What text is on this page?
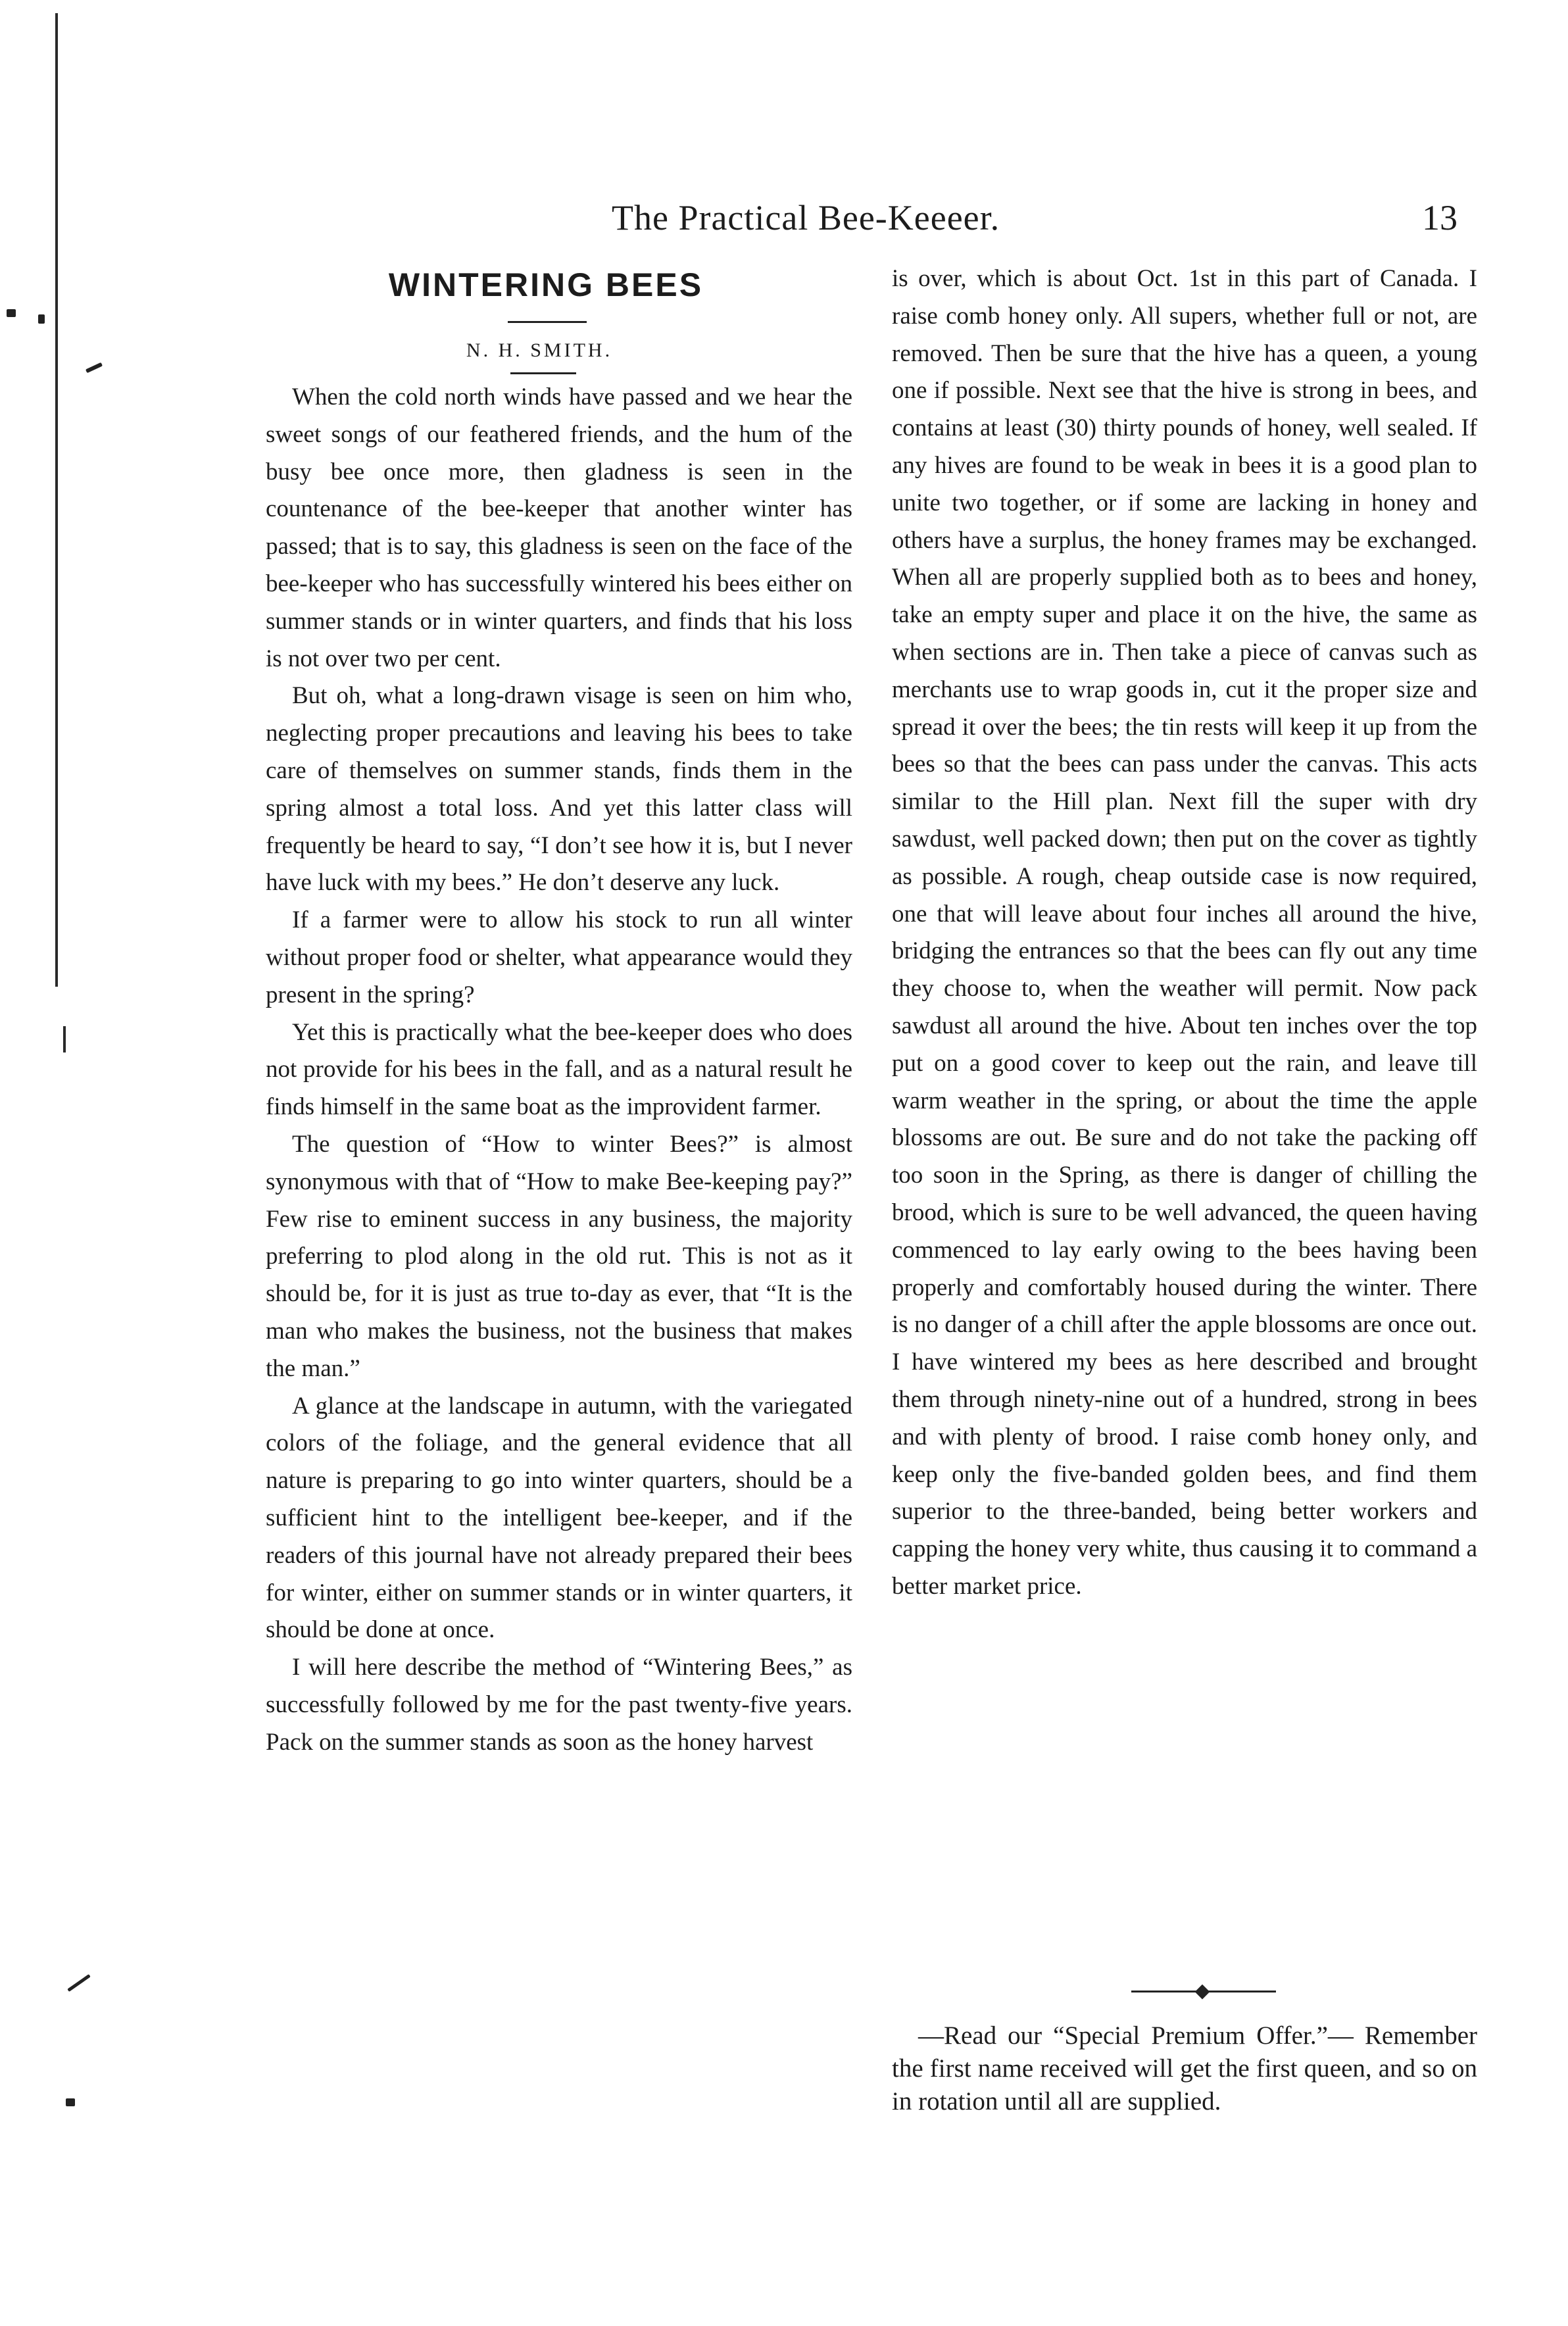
The Practical Bee-Keeeer.	13
WINTERING BEES
N. H. SMITH.

When the cold north winds have passed and we hear the sweet songs of our feathered friends, and the hum of the busy bee once more, then gladness is seen in the countenance of the bee-keeper that another winter has passed; that is to say, this gladness is seen on the face of the bee-keeper who has successfully wintered his bees either on summer stands or in winter quarters, and finds that his loss is not over two per cent.

But oh, what a long-drawn visage is seen on him who, neglecting proper precautions and leaving his bees to take care of themselves on summer stands, finds them in the spring almost a total loss. And yet this latter class will frequently be heard to say, “I don’t see how it is, but I never have luck with my bees.” He don’t deserve any luck.

If a farmer were to allow his stock to run all winter without proper food or shelter, what appearance would they present in the spring?

Yet this is practically what the bee-keeper does who does not provide for his bees in the fall, and as a natural result he finds himself in the same boat as the improvident farmer.

The question of “How to winter Bees?” is almost synonymous with that of “How to make Bee-keeping pay?” Few rise to eminent success in any business, the majority preferring to plod along in the old rut. This is not as it should be, for it is just as true to-day as ever, that “It is the man who makes the business, not the business that makes the man.”

A glance at the landscape in autumn, with the variegated colors of the foliage, and the general evidence that all nature is preparing to go into winter quarters, should be a sufficient hint to the intelligent bee-keeper, and if the readers of this journal have not already prepared their bees for winter, either on summer stands or in winter quarters, it should be done at once.

I will here describe the method of “Wintering Bees,” as successfully followed by me for the past twenty-five years. Pack on the summer stands as soon as the honey harvest

is over, which is about Oct. 1st in this part of Canada. I raise comb honey only. All supers, whether full or not, are removed. Then be sure that the hive has a queen, a young one if possible. Next see that the hive is strong in bees, and contains at least (30) thirty pounds of honey, well sealed. If any hives are found to be weak in bees it is a good plan to unite two together, or if some are lacking in honey and others have a surplus, the honey frames may be exchanged. When all are properly supplied both as to bees and honey, take an empty super and place it on the hive, the same as when sections are in. Then take a piece of canvas such as merchants use to wrap goods in, cut it the proper size and spread it over the bees; the tin rests will keep it up from the bees so that the bees can pass under the canvas. This acts similar to the Hill plan. Next fill the super with dry sawdust, well packed down; then put on the cover as tightly as possible. A rough, cheap outside case is now required, one that will leave about four inches all around the hive, bridging the entrances so that the bees can fly out any time they choose to, when the weather will permit. Now pack sawdust all around the hive. About ten inches over the top put on a good cover to keep out the rain, and leave till warm weather in the spring, or about the time the apple blossoms are out. Be sure and do not take the packing off too soon in the Spring, as there is danger of chilling the brood, which is sure to be well advanced, the queen having commenced to lay early owing to the bees having been properly and comfortably housed during the winter. There is no danger of a chill after the apple blossoms are once out. I have wintered my bees as here described and brought them through ninety-nine out of a hundred, strong in bees and with plenty of brood. I raise comb honey only, and keep only the five-banded golden bees, and find them superior to the three-banded, being better workers and capping the honey very white, thus causing it to command a better market price.

—Read our “Special Premium Offer.”— Remember the first name received will get the first queen, and so on in rotation until all are supplied.
